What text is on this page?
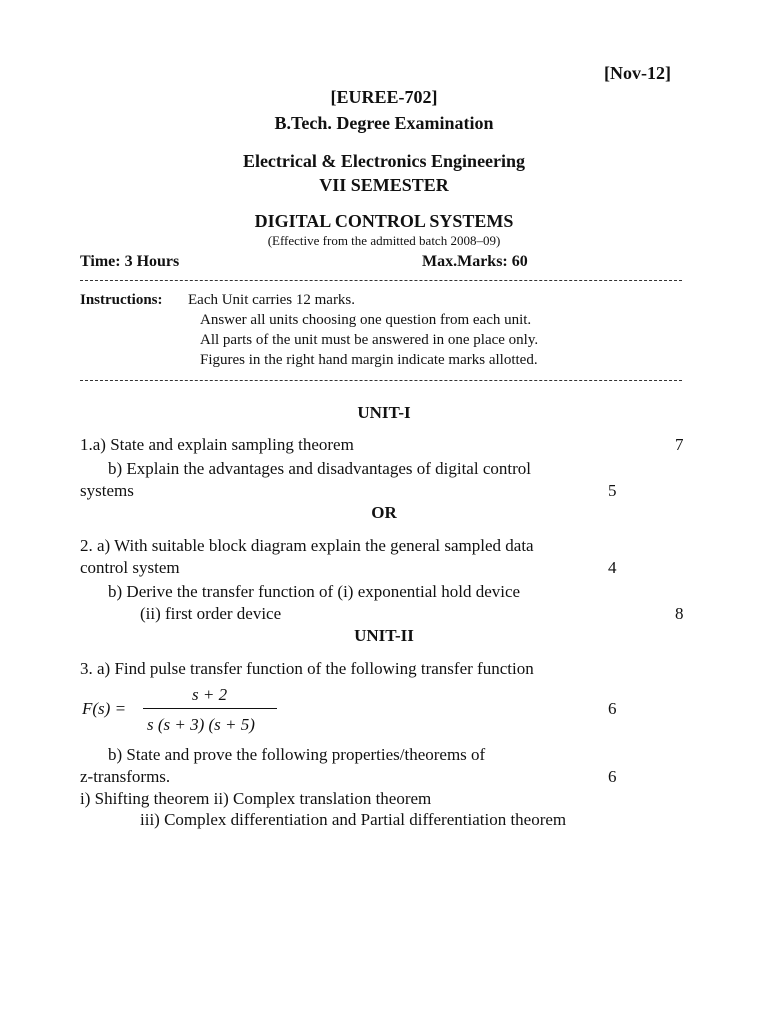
[Nov-12]
[EUREE-702]
B.Tech. Degree Examination
Electrical & Electronics Engineering
VII SEMESTER
DIGITAL CONTROL SYSTEMS
(Effective from the admitted batch 2008–09)
Time: 3 Hours	Max.Marks: 60
Instructions: Each Unit carries 12 marks.
Answer all units choosing one question from each unit.
All parts of the unit must be answered in one place only.
Figures in the right hand margin indicate marks allotted.
UNIT-I
1.a) State and explain sampling theorem	7
b) Explain the advantages and disadvantages of digital control
systems	5
OR
2. a) With suitable block diagram explain the general sampled data
control system	4
b) Derive the transfer function of (i) exponential hold device
(ii) first order device	8
UNIT-II
3. a) Find pulse transfer function of the following transfer function
F(s) =
s + 2
s (s + 3) (s + 5)
6
b) State and prove the following properties/theorems of
z-transforms.	6
i) Shifting theorem ii) Complex translation theorem
iii) Complex differentiation and Partial differentiation theorem
